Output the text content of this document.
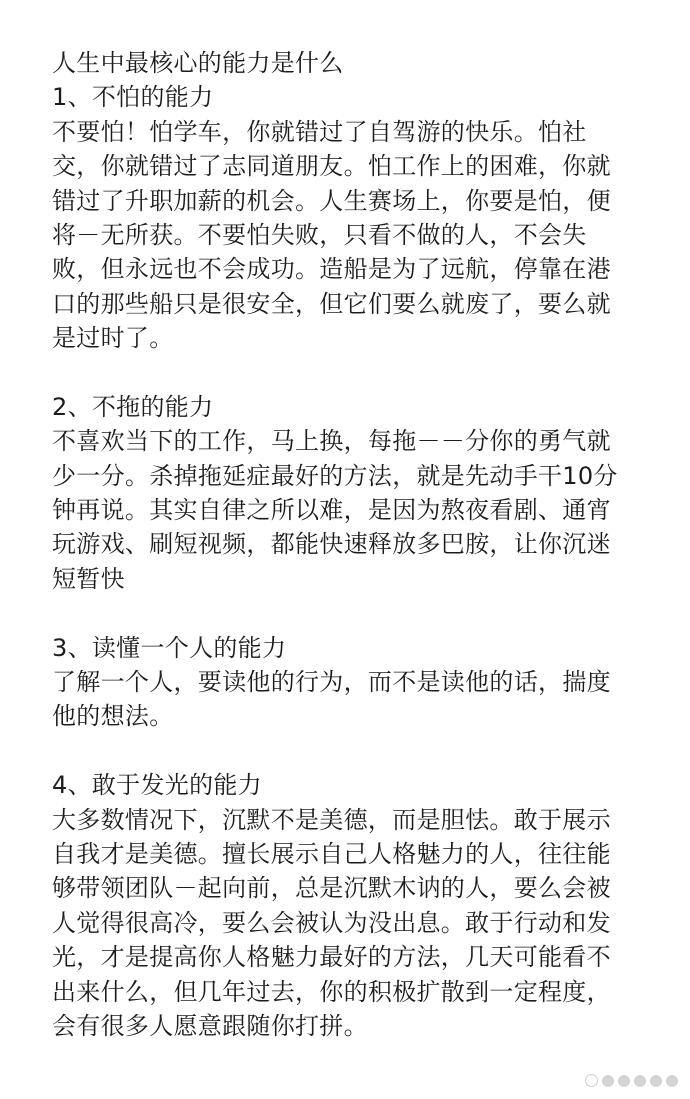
人生中最核心的能力是什么
1、不怕的能力
不要怕！怕学车，你就错过了自驾游的快乐。怕社
交，你就错过了志同道朋友。怕工作上的困难，你就
错过了升职加薪的机会。人生赛场上，你要是怕，便
将－无所获。不要怕失败，只看不做的人，不会失
败，但永远也不会成功。造船是为了远航，停靠在港
口的那些船只是很安全，但它们要么就废了，要么就
是过时了。
2、不拖的能力
不喜欢当下的工作，马上换，每拖－－分你的勇气就
少一分。杀掉拖延症最好的方法，就是先动手干10分
钟再说。其实自律之所以难，是因为熬夜看剧、通宵
玩游戏、刷短视频，都能快速释放多巴胺，让你沉迷
短暂快
3、读懂一个人的能力
了解一个人，要读他的行为，而不是读他的话，揣度
他的想法。
4、敢于发光的能力
大多数情况下，沉默不是美德，而是胆怯。敢于展示
自我才是美德。擅长展示自己人格魅力的人，往往能
够带领团队－起向前，总是沉默木讷的人，要么会被
人觉得很高冷，要么会被认为没出息。敢于行动和发
光，才是提高你人格魅力最好的方法，几天可能看不
出来什么，但几年过去，你的积极扩散到一定程度，
会有很多人愿意跟随你打拼。
